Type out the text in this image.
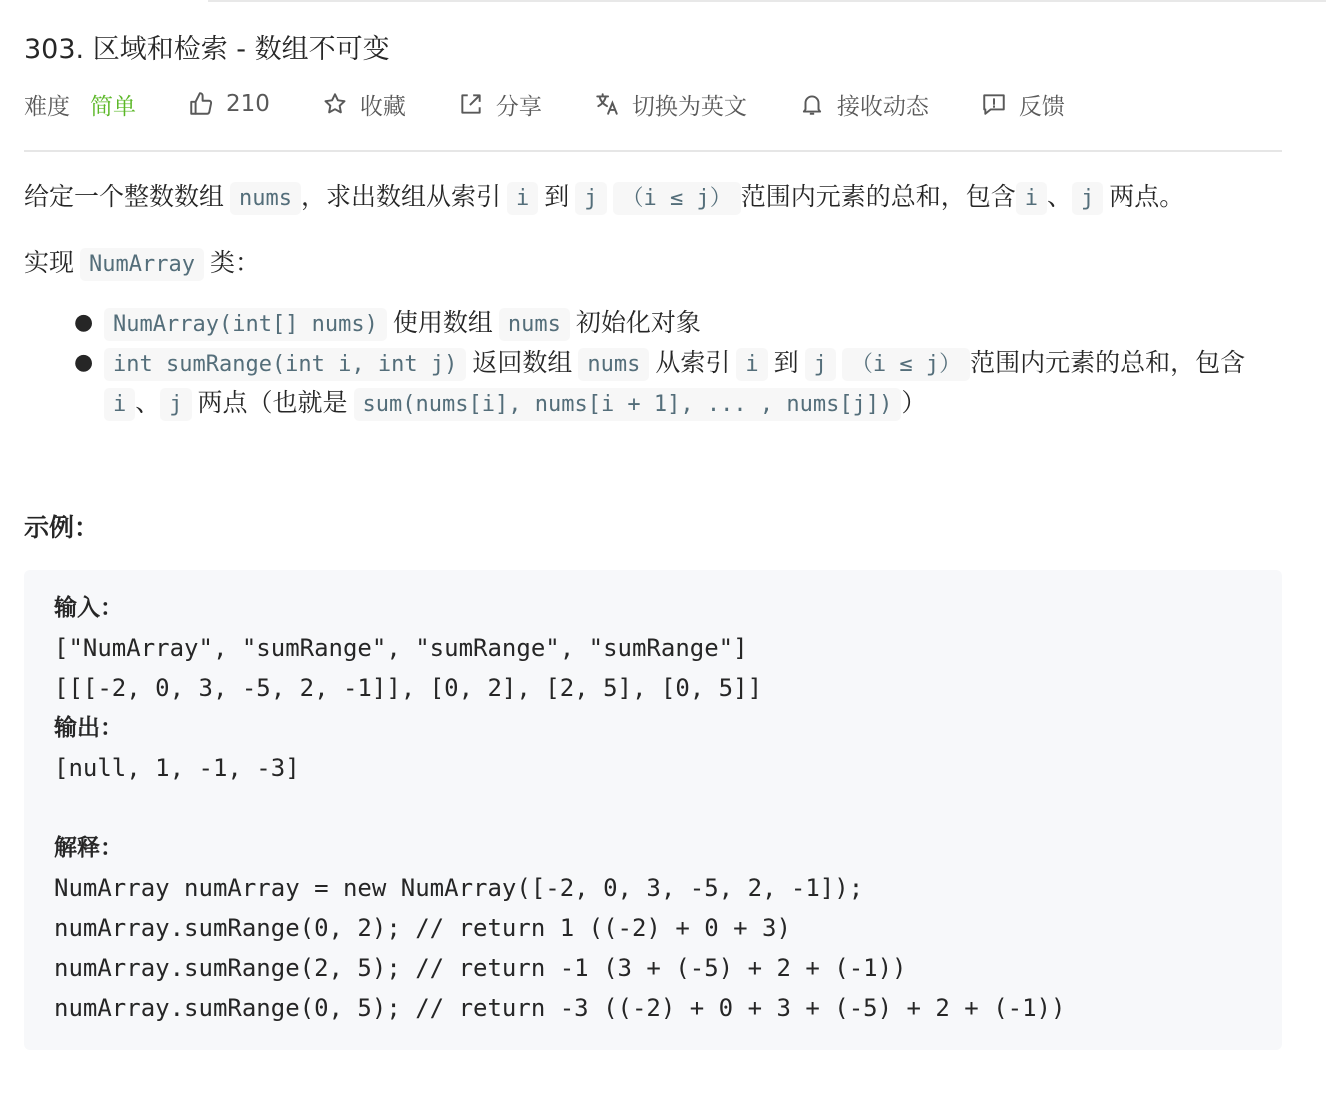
303. 区域和检索 - 数组不可变
难度 简单	210	收藏	分享	切换为英文	接收动态	反馈

给定一个整数数组 nums ，求出数组从索引 i 到 j （i ≤ j） 范围内元素的总和，包含 i 、 j 两点。

实现 NumArray 类：

● NumArray(int[] nums) 使用数组 nums 初始化对象
● int sumRange(int i, int j) 返回数组 nums 从索引 i 到 j （i ≤ j） 范围内元素的总和，包含i 、 j 两点（也就是 sum(nums[i], nums[i + 1], ... , nums[j]) ）
示例：
输入：
["NumArray", "sumRange", "sumRange", "sumRange"]
[[[-2, 0, 3, -5, 2, -1]], [0, 2], [2, 5], [0, 5]]
输出：
[null, 1, -1, -3]
解释：
NumArray numArray = new NumArray([-2, 0, 3, -5, 2, -1]);
numArray.sumRange(0, 2); // return 1 ((-2) + 0 + 3)
numArray.sumRange(2, 5); // return -1 (3 + (-5) + 2 + (-1))
numArray.sumRange(0, 5); // return -3 ((-2) + 0 + 3 + (-5) + 2 + (-1))
